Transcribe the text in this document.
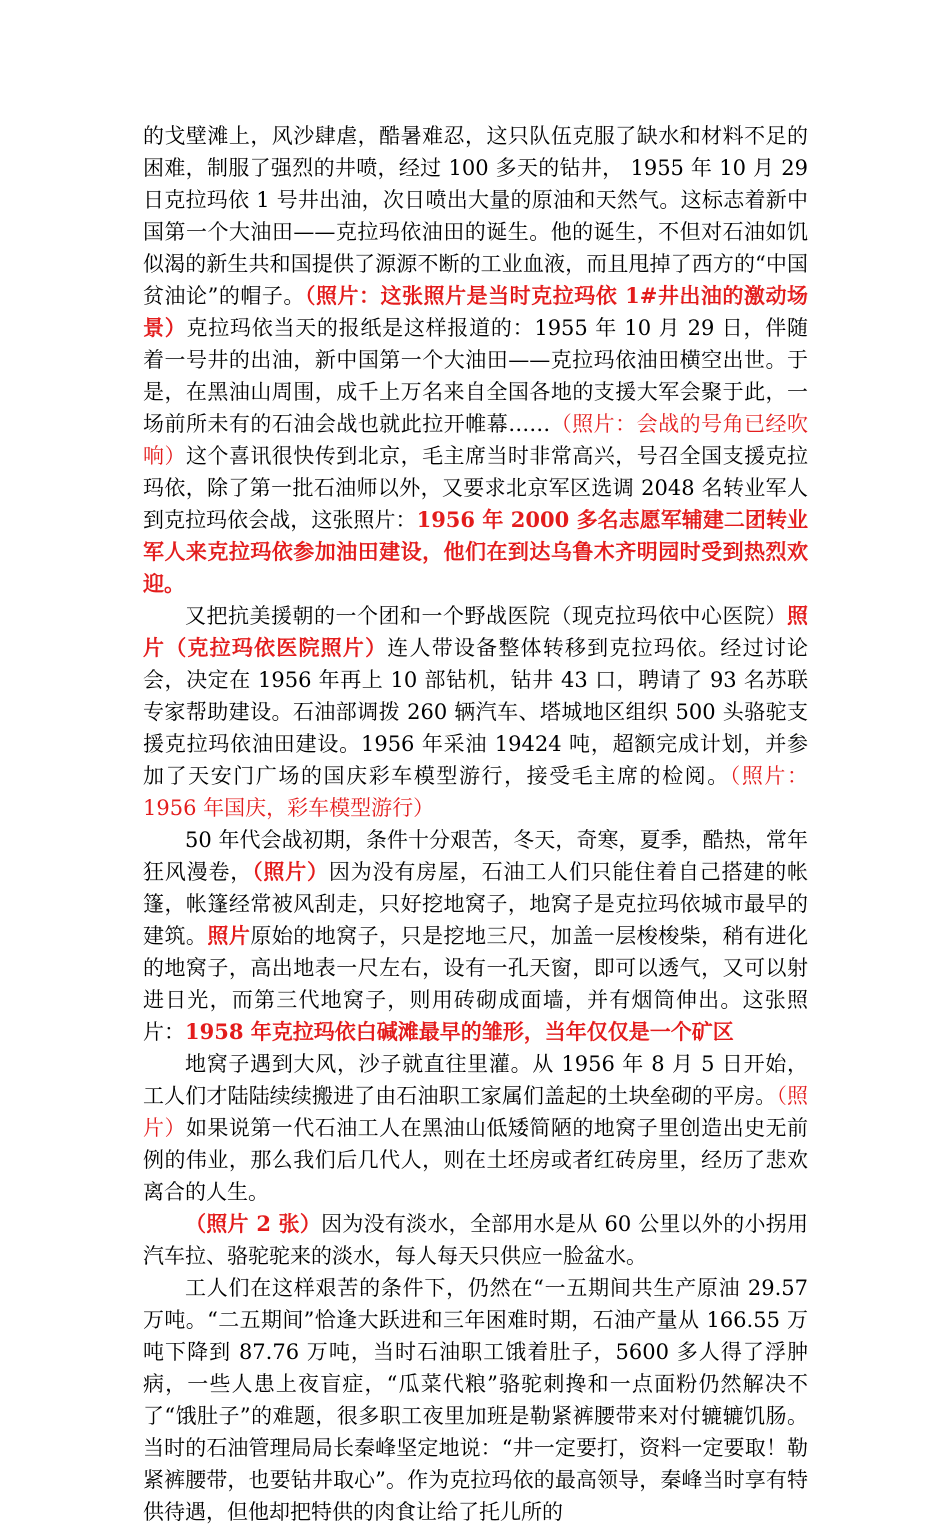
的戈壁滩上，风沙肆虐，酷暑难忍，这只队伍克服了缺水和材料不足的困难，制服了强烈的井喷，经过 100 多天的钻井， 1955 年 10 月 29 日克拉玛依 1 号井出油，次日喷出大量的原油和天然气。这标志着新中国第一个大油田——克拉玛依油田的诞生。他的诞生，不但对石油如饥似渴的新生共和国提供了源源不断的工业血液，而且甩掉了西方的“中国贫油论”的帽子。（照片：这张照片是当时克拉玛依 1#井出油的激动场景）克拉玛依当天的报纸是这样报道的：1955 年 10 月 29 日，伴随着一号井的出油，新中国第一个大油田——克拉玛依油田横空出世。于是，在黑油山周围，成千上万名来自全国各地的支援大军会聚于此，一场前所未有的石油会战也就此拉开帷幕……（照片：会战的号角已经吹响）这个喜讯很快传到北京，毛主席当时非常高兴，号召全国支援克拉玛依，除了第一批石油师以外，又要求北京军区选调 2048 名转业军人到克拉玛依会战，这张照片：1956 年 2000 多名志愿军辅建二团转业军人来克拉玛依参加油田建设，他们在到达乌鲁木齐明园时受到热烈欢迎。

又把抗美援朝的一个团和一个野战医院（现克拉玛依中心医院）照片（克拉玛依医院照片）连人带设备整体转移到克拉玛依。经过讨论会，决定在 1956 年再上 10 部钻机，钻井 43 口，聘请了 93 名苏联专家帮助建设。石油部调拨 260 辆汽车、塔城地区组织 500 头骆驼支援克拉玛依油田建设。1956 年采油 19424 吨，超额完成计划，并参加了天安门广场的国庆彩车模型游行，接受毛主席的检阅。（照片：1956 年国庆，彩车模型游行）

50 年代会战初期，条件十分艰苦，冬天，奇寒，夏季，酷热，常年狂风漫卷，（照片）因为没有房屋，石油工人们只能住着自己搭建的帐篷，帐篷经常被风刮走，只好挖地窝子，地窝子是克拉玛依城市最早的建筑。照片原始的地窝子，只是挖地三尺，加盖一层梭梭柴，稍有进化的地窝子，高出地表一尺左右，设有一孔天窗，即可以透气，又可以射进日光，而第三代地窝子，则用砖砌成面墙，并有烟筒伸出。这张照片：1958 年克拉玛依白碱滩最早的雏形，当年仅仅是一个矿区

地窝子遇到大风，沙子就直往里灌。从 1956 年 8 月 5 日开始，工人们才陆陆续续搬进了由石油职工家属们盖起的土块垒砌的平房。（照片）如果说第一代石油工人在黑油山低矮简陋的地窝子里创造出史无前例的伟业，那么我们后几代人，则在土坯房或者红砖房里，经历了悲欢离合的人生。

（照片 2 张）因为没有淡水，全部用水是从 60 公里以外的小拐用汽车拉、骆驼驼来的淡水，每人每天只供应一脸盆水。

工人们在这样艰苦的条件下，仍然在“一五期间共生产原油 29.57 万吨。“二五期间”恰逢大跃进和三年困难时期，石油产量从 166.55 万吨下降到 87.76 万吨，当时石油职工饿着肚子，5600 多人得了浮肿病，一些人患上夜盲症，“瓜菜代粮”骆驼刺搀和一点面粉仍然解决不了“饿肚子”的难题，很多职工夜里加班是勒紧裤腰带来对付辘辘饥肠。当时的石油管理局局长秦峰坚定地说：“井一定要打，资料一定要取！勒紧裤腰带，也要钻井取心”。作为克拉玛依的最高领导，秦峰当时享有特供待遇，但他却把特供的肉食让给了托儿所的
